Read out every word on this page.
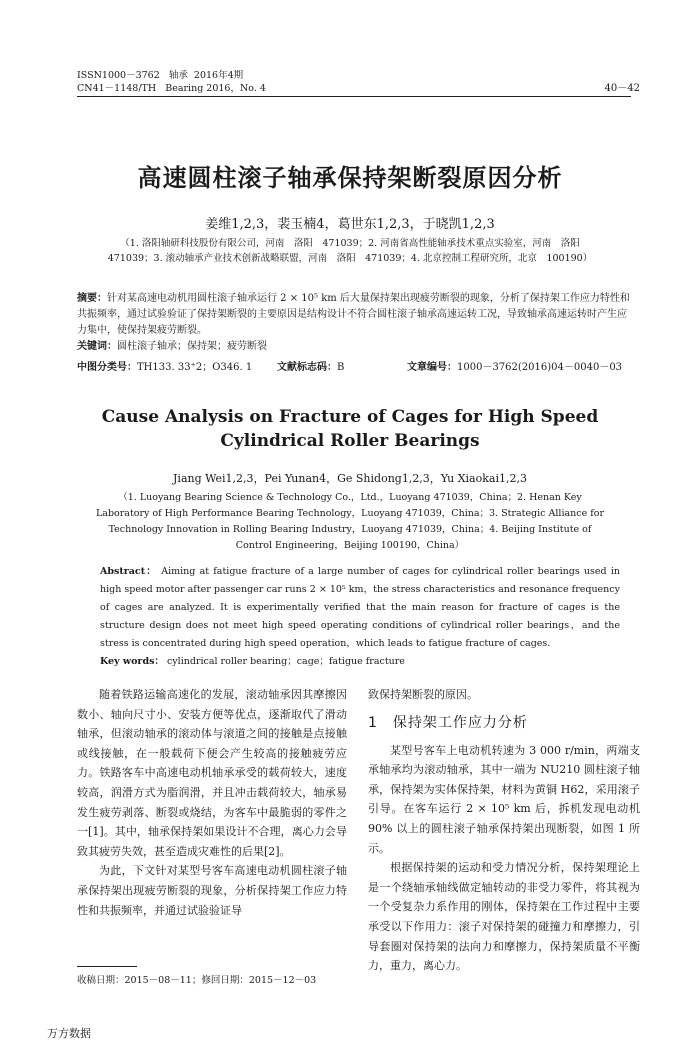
ISSN1000－3762 轴承 2016年4期
CN41－1148/TH Bearing 2016，No. 4	40－42
高速圆柱滚子轴承保持架断裂原因分析
姜维1,2,3，裴玉楠4，葛世东1,2,3，于晓凯1,2,3
（1. 洛阳轴研科技股份有限公司，河南　洛阳　471039；2. 河南省高性能轴承技术重点实验室，河南　洛阳　471039；3. 滚动轴承产业技术创新战略联盟，河南　洛阳　471039；4. 北京控制工程研究所，北京　100190）
摘要：针对某高速电动机用圆柱滚子轴承运行 2 × 10⁵ km 后大量保持架出现疲劳断裂的现象，分析了保持架工作应力特性和共振频率，通过试验验证了保持架断裂的主要原因是结构设计不符合圆柱滚子轴承高速运转工况，导致轴承高速运转时产生应力集中，使保持架疲劳断裂。
关键词：圆柱滚子轴承；保持架；疲劳断裂
中图分类号：TH133. 33⁺2；O346. 1	文献标志码：B	文章编号：1000－3762(2016)04－0040－03
Cause Analysis on Fracture of Cages for High Speed Cylindrical Roller Bearings
Jiang Wei1,2,3，Pei Yunan4，Ge Shidong1,2,3，Yu Xiaokai1,2,3
（1. Luoyang Bearing Science & Technology Co.，Ltd.，Luoyang 471039，China；2. Henan Key Laboratory of High Performance Bearing Technology，Luoyang 471039，China；3. Strategic Alliance for Technology Innovation in Rolling Bearing Industry，Luoyang 471039，China；4. Beijing Institute of Control Engineering，Beijing 100190，China）
Abstract： Aiming at fatigue fracture of a large number of cages for cylindrical roller bearings used in high speed motor after passenger car runs 2 × 10⁵ km，the stress characteristics and resonance frequency of cages are analyzed. It is experimentally verified that the main reason for fracture of cages is the structure design does not meet high speed operating conditions of cylindrical roller bearings，and the stress is concentrated during high speed operation，which leads to fatigue fracture of cages.
Key words： cylindrical roller bearing；cage；fatigue fracture

随着铁路运输高速化的发展，滚动轴承因其摩擦因数小、轴向尺寸小、安装方便等优点，逐渐取代了滑动轴承，但滚动轴承的滚动体与滚道之间的接触是点接触或线接触，在一般载荷下便会产生较高的接触疲劳应力。铁路客车中高速电动机轴承承受的载荷较大，速度较高，润滑方式为脂润滑，并且冲击载荷较大，轴承易发生疲劳剥落、断裂或烧结，为客车中最脆弱的零件之一[1]。其中，轴承保持架如果设计不合理，离心力会导致其疲劳失效，甚至造成灾难性的后果[2]。

为此，下文针对某型号客车高速电动机圆柱滚子轴承保持架出现疲劳断裂的现象，分析保持架工作应力特性和共振频率，并通过试验验证导

致保持架断裂的原因。

1　保持架工作应力分析

某型号客车上电动机转速为 3 000 r/min，两端支承轴承均为滚动轴承，其中一端为 NU210 圆柱滚子轴承，保持架为实体保持架，材料为黄铜 H62，采用滚子引导。在客车运行 2 × 10⁵ km 后，拆机发现电动机 90% 以上的圆柱滚子轴承保持架出现断裂，如图 1 所示。

根据保持架的运动和受力情况分析，保持架理论上是一个绕轴承轴线做定轴转动的非受力零件，将其视为一个受复杂力系作用的刚体，保持架在工作过程中主要承受以下作用力：滚子对保持架的碰撞力和摩擦力，引导套圈对保持架的法向力和摩擦力，保持架质量不平衡力，重力，离心力。

收稿日期：2015－08－11；修回日期：2015－12－03
万方数据
